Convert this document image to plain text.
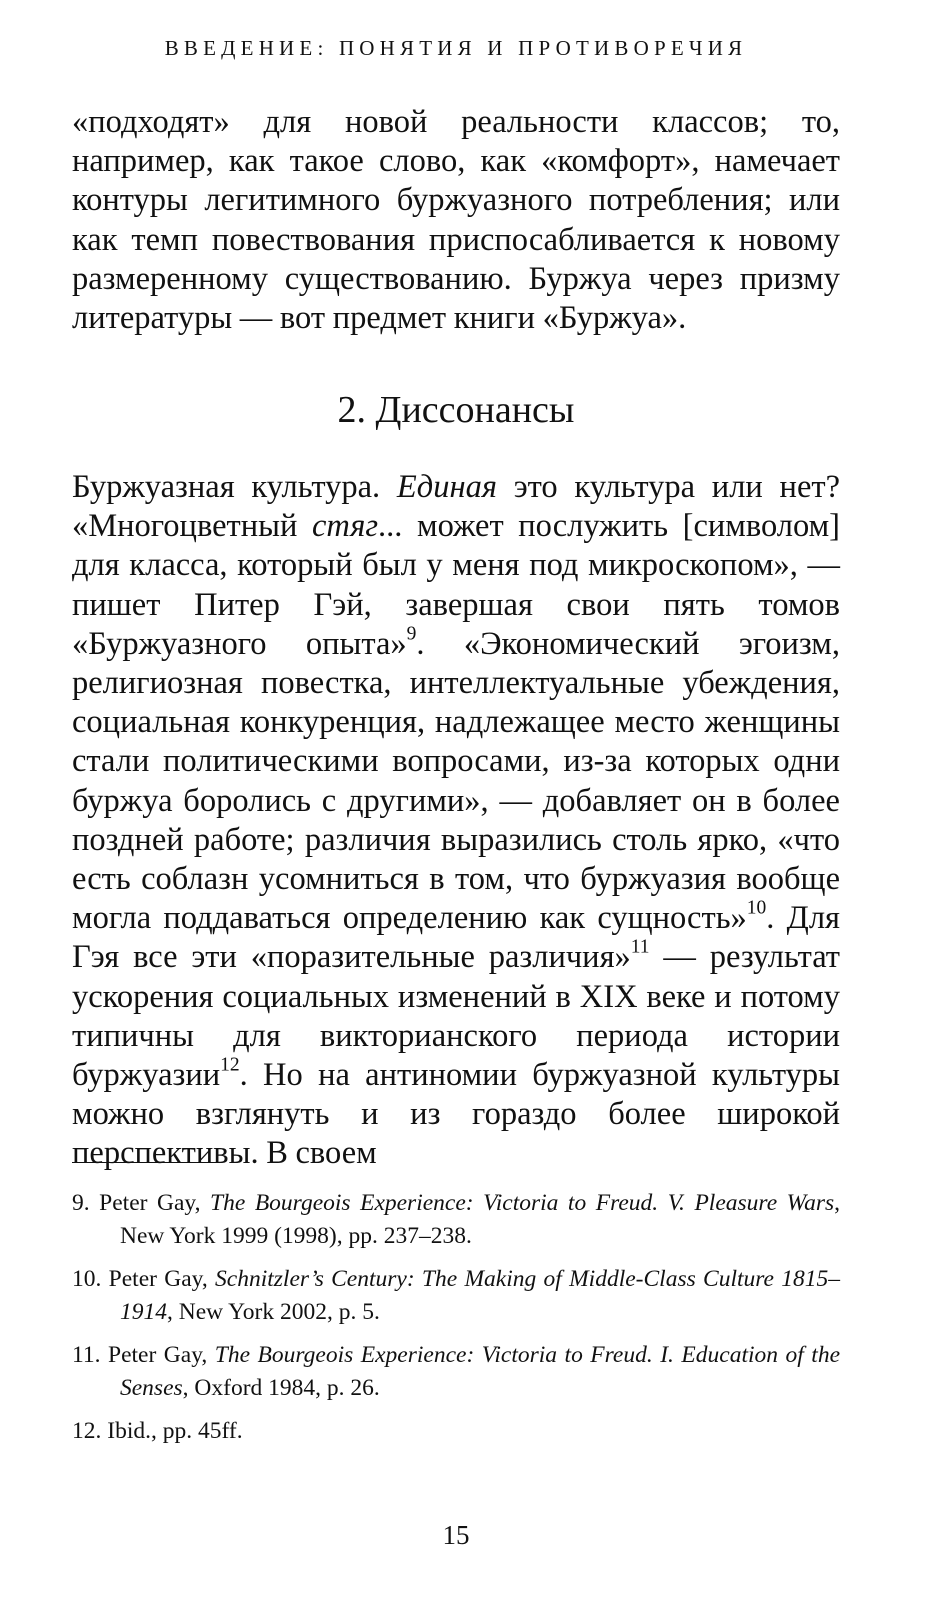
ВВЕДЕНИЕ: ПОНЯТИЯ И ПРОТИВОРЕЧИЯ

«подходят» для новой реальности классов; то, например, как такое слово, как «комфорт», намечает контуры легитимного буржуазного потребления; или как темп повествования приспосабливается к новому размеренному существованию. Буржуа через призму литературы — вот предмет книги «Буржуа».

2. Диссонансы

Буржуазная культура. Единая это культура или нет? «Многоцветный стяг... может послужить [символом] для класса, который был у меня под микроскопом», — пишет Питер Гэй, завершая свои пять томов «Буржуазного опыта»$^9$. «Экономический эгоизм, религиозная повестка, интеллектуальные убеждения, социальная конкуренция, надлежащее место женщины стали политическими вопросами, из-за которых одни буржуа боролись с другими», — добавляет он в более поздней работе; различия выразились столь ярко, «что есть соблазн усомниться в том, что буржуазия вообще могла поддаваться определению как сущность»$^{10}$. Для Гэя все эти «поразительные различия»$^{11}$ — результат ускорения социальных изменений в XIX веке и потому типичны для викторианского периода истории буржуазии$^{12}$. Но на антиномии буржуазной культуры можно взглянуть и из гораздо более широкой перспективы. В своем

9. Peter Gay, The Bourgeois Experience: Victoria to Freud. V. Pleasure Wars, New York 1999 (1998), pp. 237–238.
10. Peter Gay, Schnitzler’s Century: The Making of Middle-Class Culture 1815–1914, New York 2002, p. 5.
11. Peter Gay, The Bourgeois Experience: Victoria to Freud. I. Education of the Senses, Oxford 1984, p. 26.
12. Ibid., pp. 45ff.
15
